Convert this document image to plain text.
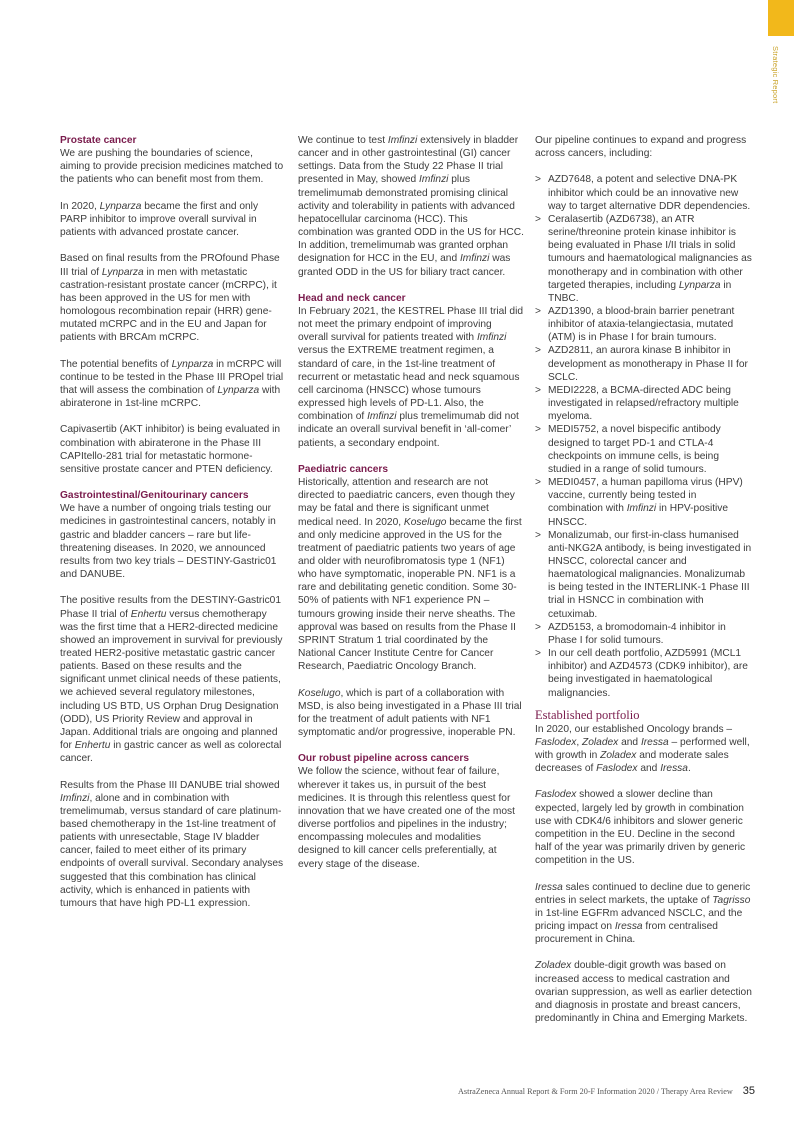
Strategic Report
Prostate cancer

We are pushing the boundaries of science, aiming to provide precision medicines matched to the patients who can benefit most from them.

In 2020, Lynparza became the first and only PARP inhibitor to improve overall survival in patients with advanced prostate cancer.

Based on final results from the PROfound Phase III trial of Lynparza in men with metastatic castration-resistant prostate cancer (mCRPC), it has been approved in the US for men with homologous recombination repair (HRR) gene-mutated mCRPC and in the EU and Japan for patients with BRCAm mCRPC.

The potential benefits of Lynparza in mCRPC will continue to be tested in the Phase III PROpel trial that will assess the combination of Lynparza with abiraterone in 1st-line mCRPC.

Capivasertib (AKT inhibitor) is being evaluated in combination with abiraterone in the Phase III CAPItello-281 trial for metastatic hormone-sensitive prostate cancer and PTEN deficiency.

Gastrointestinal/Genitourinary cancers

We have a number of ongoing trials testing our medicines in gastrointestinal cancers, notably in gastric and bladder cancers – rare but life-threatening diseases. In 2020, we announced results from two key trials – DESTINY-Gastric01 and DANUBE.

The positive results from the DESTINY-Gastric01 Phase II trial of Enhertu versus chemotherapy was the first time that a HER2-directed medicine showed an improvement in survival for previously treated HER2-positive metastatic gastric cancer patients. Based on these results and the significant unmet clinical needs of these patients, we achieved several regulatory milestones, including US BTD, US Orphan Drug Designation (ODD), US Priority Review and approval in Japan. Additional trials are ongoing and planned for Enhertu in gastric cancer as well as colorectal cancer.

Results from the Phase III DANUBE trial showed Imfinzi, alone and in combination with tremelimumab, versus standard of care platinum-based chemotherapy in the 1st-line treatment of patients with unresectable, Stage IV bladder cancer, failed to meet either of its primary endpoints of overall survival. Secondary analyses suggested that this combination has clinical activity, which is enhanced in patients with tumours that have high PD-L1 expression.

We continue to test Imfinzi extensively in bladder cancer and in other gastrointestinal (GI) cancer settings. Data from the Study 22 Phase II trial presented in May, showed Imfinzi plus tremelimumab demonstrated promising clinical activity and tolerability in patients with advanced hepatocellular carcinoma (HCC). This combination was granted ODD in the US for HCC. In addition, tremelimumab was granted orphan designation for HCC in the EU, and Imfinzi was granted ODD in the US for biliary tract cancer.

Head and neck cancer

In February 2021, the KESTREL Phase III trial did not meet the primary endpoint of improving overall survival for patients treated with Imfinzi versus the EXTREME treatment regimen, a standard of care, in the 1st-line treatment of recurrent or metastatic head and neck squamous cell carcinoma (HNSCC) whose tumours expressed high levels of PD-L1. Also, the combination of Imfinzi plus tremelimumab did not indicate an overall survival benefit in ‘all-comer’ patients, a secondary endpoint.

Paediatric cancers

Historically, attention and research are not directed to paediatric cancers, even though they may be fatal and there is significant unmet medical need. In 2020, Koselugo became the first and only medicine approved in the US for the treatment of paediatric patients two years of age and older with neurofibromatosis type 1 (NF1) who have symptomatic, inoperable PN. NF1 is a rare and debilitating genetic condition. Some 30-50% of patients with NF1 experience PN – tumours growing inside their nerve sheaths. The approval was based on results from the Phase II SPRINT Stratum 1 trial coordinated by the National Cancer Institute Centre for Cancer Research, Paediatric Oncology Branch.

Koselugo, which is part of a collaboration with MSD, is also being investigated in a Phase III trial for the treatment of adult patients with NF1 symptomatic and/or progressive, inoperable PN.

Our robust pipeline across cancers

We follow the science, without fear of failure, wherever it takes us, in pursuit of the best medicines. It is through this relentless quest for innovation that we have created one of the most diverse portfolios and pipelines in the industry; encompassing molecules and modalities designed to kill cancer cells preferentially, at every stage of the disease.

Our pipeline continues to expand and progress across cancers, including:

> AZD7648, a potent and selective DNA-PK inhibitor which could be an innovative new way to target alternative DDR dependencies.
> Ceralasertib (AZD6738), an ATR serine/threonine protein kinase inhibitor is being evaluated in Phase I/II trials in solid tumours and haematological malignancies as monotherapy and in combination with other targeted therapies, including Lynparza in TNBC.
> AZD1390, a blood-brain barrier penetrant inhibitor of ataxia-telangiectasia, mutated (ATM) is in Phase I for brain tumours.
> AZD2811, an aurora kinase B inhibitor in development as monotherapy in Phase II for SCLC.
> MEDI2228, a BCMA-directed ADC being investigated in relapsed/refractory multiple myeloma.
> MEDI5752, a novel bispecific antibody designed to target PD-1 and CTLA-4 checkpoints on immune cells, is being studied in a range of solid tumours.
> MEDI0457, a human papilloma virus (HPV) vaccine, currently being tested in combination with Imfinzi in HPV-positive HNSCC.
> Monalizumab, our first-in-class humanised anti-NKG2A antibody, is being investigated in HNSCC, colorectal cancer and haematological malignancies. Monalizumab is being tested in the INTERLINK-1 Phase III trial in HSNCC in combination with cetuximab.
> AZD5153, a bromodomain-4 inhibitor in Phase I for solid tumours.
> In our cell death portfolio, AZD5991 (MCL1 inhibitor) and AZD4573 (CDK9 inhibitor), are being investigated in haematological malignancies.
Established portfolio

In 2020, our established Oncology brands – Faslodex, Zoladex and Iressa – performed well, with growth in Zoladex and moderate sales decreases of Faslodex and Iressa.

Faslodex showed a slower decline than expected, largely led by growth in combination use with CDK4/6 inhibitors and slower generic competition in the EU. Decline in the second half of the year was primarily driven by generic competition in the US.

Iressa sales continued to decline due to generic entries in select markets, the uptake of Tagrisso in 1st-line EGFRm advanced NSCLC, and the pricing impact on Iressa from centralised procurement in China.

Zoladex double-digit growth was based on increased access to medical castration and ovarian suppression, as well as earlier detection and diagnosis in prostate and breast cancers, predominantly in China and Emerging Markets.

AstraZeneca Annual Report & Form 20-F Information 2020 / Therapy Area Review 35
